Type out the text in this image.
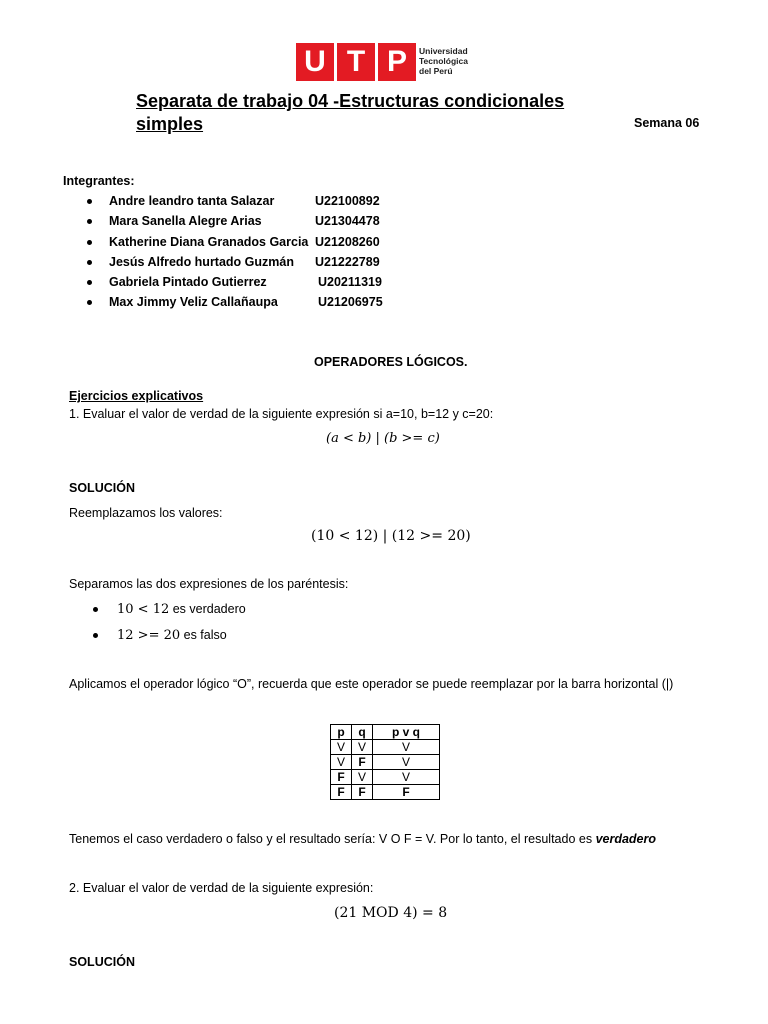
U T P	Universidad
Tecnológica
del Perú
Separata de trabajo 04 -Estructuras condicionales
simples	Semana 06
Integrantes:
Andre leandro tanta Salazar	U22100892
Mara Sanella Alegre Arias	U21304478
Katherine Diana Granados Garcia U21208260
Jesús Alfredo hurtado Guzmán U21222789
Gabriela Pintado Gutierrez	U20211319
Max Jimmy Veliz Callañaupa	U21206975
OPERADORES LÓGICOS.
Ejercicios explicativos
1. Evaluar el valor de verdad de la siguiente expresión si a=10, b=12 y c=20:
(a < b) | (b >= c)
SOLUCIÓN
Reemplazamos los valores:
(10 < 12) | (12 >= 20)
Separamos las dos expresiones de los paréntesis:
10 < 12 es verdadero
12 >= 20 es falso
Aplicamos el operador lógico “O”, recuerda que este operador se puede reemplazar por la barra horizontal (|)
p	q	p v q
V	V	V
V	F	V
F	V	V
F	F	F
Tenemos el caso verdadero o falso y el resultado sería: V O F = V. Por lo tanto, el resultado es verdadero
2. Evaluar el valor de verdad de la siguiente expresión:
(21 MOD 4) = 8
SOLUCIÓN
